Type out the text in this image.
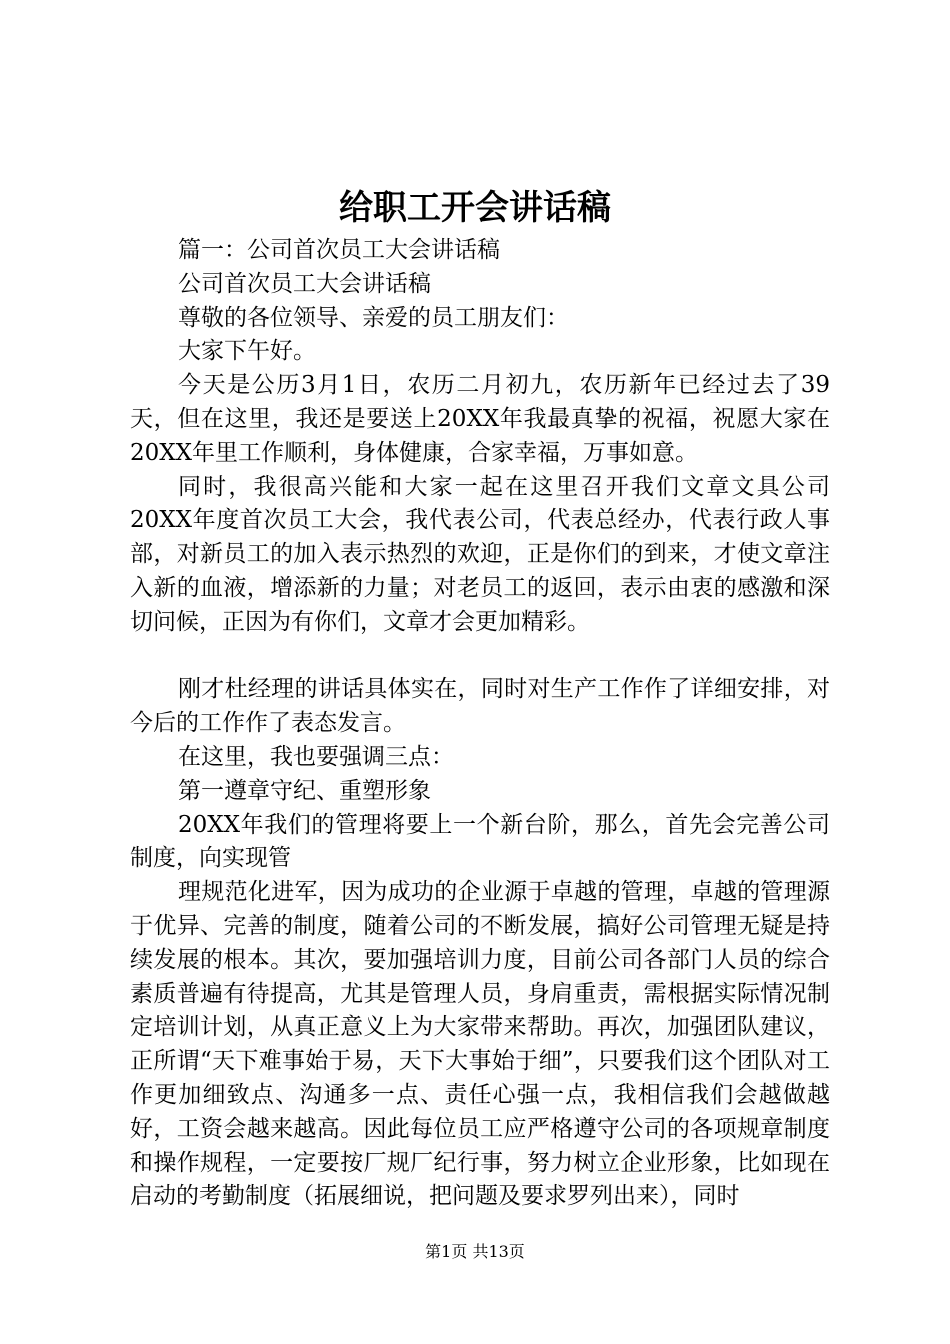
给职工开会讲话稿

篇一：公司首次员工大会讲话稿

公司首次员工大会讲话稿

尊敬的各位领导、亲爱的员工朋友们：

大家下午好。

今天是公历3月1日，农历二月初九，农历新年已经过去了39天，但在这里，我还是要送上20XX年我最真挚的祝福，祝愿大家在20XX年里工作顺利，身体健康，合家幸福，万事如意。

同时，我很高兴能和大家一起在这里召开我们文章文具公司20XX年度首次员工大会，我代表公司，代表总经办，代表行政人事部，对新员工的加入表示热烈的欢迎，正是你们的到来，才使文章注入新的血液，增添新的力量；对老员工的返回，表示由衷的感激和深切问候，正因为有你们，文章才会更加精彩。

刚才杜经理的讲话具体实在，同时对生产工作作了详细安排，对今后的工作作了表态发言。

在这里，我也要强调三点：

第一遵章守纪、重塑形象

20XX年我们的管理将要上一个新台阶，那么，首先会完善公司制度，向实现管

理规范化进军，因为成功的企业源于卓越的管理，卓越的管理源于优异、完善的制度，随着公司的不断发展，搞好公司管理无疑是持续发展的根本。其次，要加强培训力度，目前公司各部门人员的综合素质普遍有待提高，尤其是管理人员，身肩重责，需根据实际情况制定培训计划，从真正意义上为大家带来帮助。再次，加强团队建议，正所谓“天下难事始于易，天下大事始于细”，只要我们这个团队对工作更加细致点、沟通多一点、责任心强一点，我相信我们会越做越好，工资会越来越高。因此每位员工应严格遵守公司的各项规章制度和操作规程，一定要按厂规厂纪行事，努力树立企业形象，比如现在启动的考勤制度（拓展细说，把问题及要求罗列出来），同时

第1页 共13页
